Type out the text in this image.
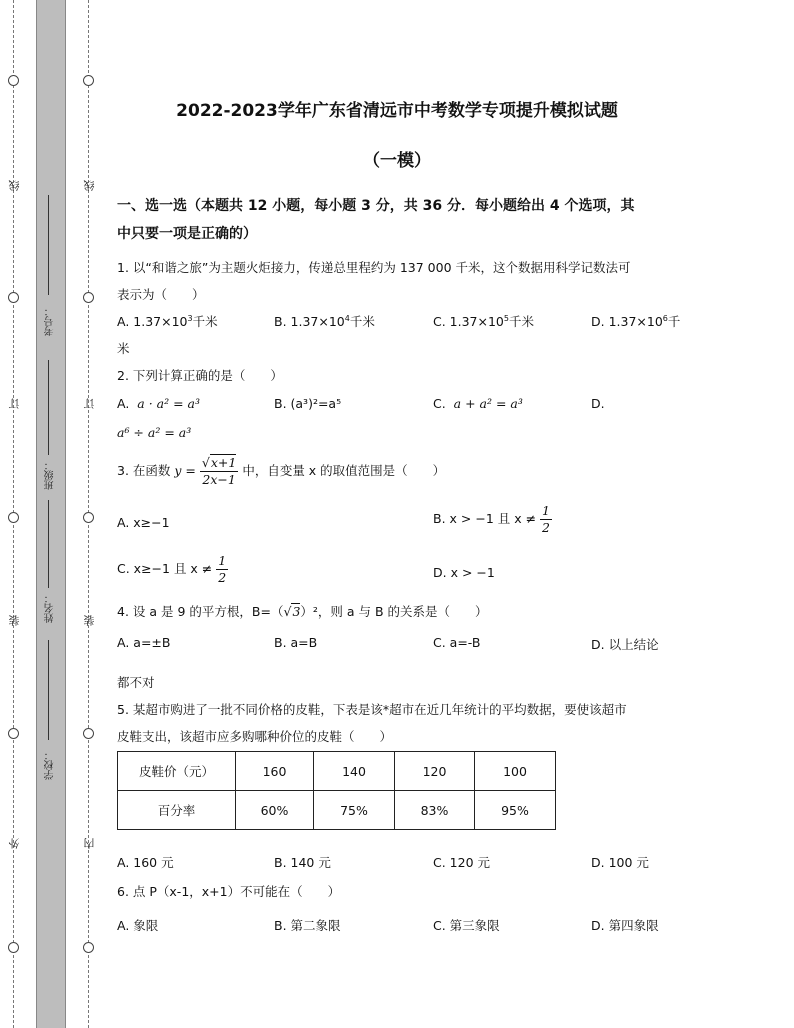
线
订
装
外
线
订
装
内
考号：
班级：
姓名：
学校：
2022-2023学年广东省清远市中考数学专项提升模拟试题
（一模）
一、选一选（本题共 12 小题，每小题 3 分，共 36 分．每小题给出 4 个选项，其
中只要一项是正确的）
1. 以“和谐之旅”为主题火炬接力，传递总里程约为 137 000 千米，这个数据用科学记数法可
表示为（　　）
A. $1.37\times 10^3$千米	B. $1.37\times 10^4$千米	C. $1.37\times 10^5$千米	D. $1.37\times 10^6$千
米
2. 下列计算正确的是（　　）
A. a · a² = a³	B. (a³)²=a⁵	C. a + a² = a³	D.
a⁶ ÷ a² = a³
3. 在函数 $y = \frac{√x+1}{2x-1}$ 中，自变量 x 的取值范围是（　　）
A. x≥−1	B. x > −1 且 $x \ne \frac{1}{2}$
C. x≥−1 且 $x \ne \frac{1}{2}$	D. x > −1
4. 设 a 是 9 的平方根，B=（√3）²，则 a 与 B 的关系是（　　）
A. a=±B	B. a=B	C. a=-B	D. 以上结论
都不对
5. 某超市购进了一批不同价格的皮鞋，下表是该*超市在近几年统计的平均数据，要使该超市
皮鞋支出，该超市应多购哪种价位的皮鞋（　　）
皮鞋价（元）	160	140	120	100
百分率	60%	75%	83%	95%
A. 160 元	B. 140 元	C. 120 元	D. 100 元
6. 点 P（x-1，x+1）不可能在（　　）
A. 象限	B. 第二象限	C. 第三象限	D. 第四象限
